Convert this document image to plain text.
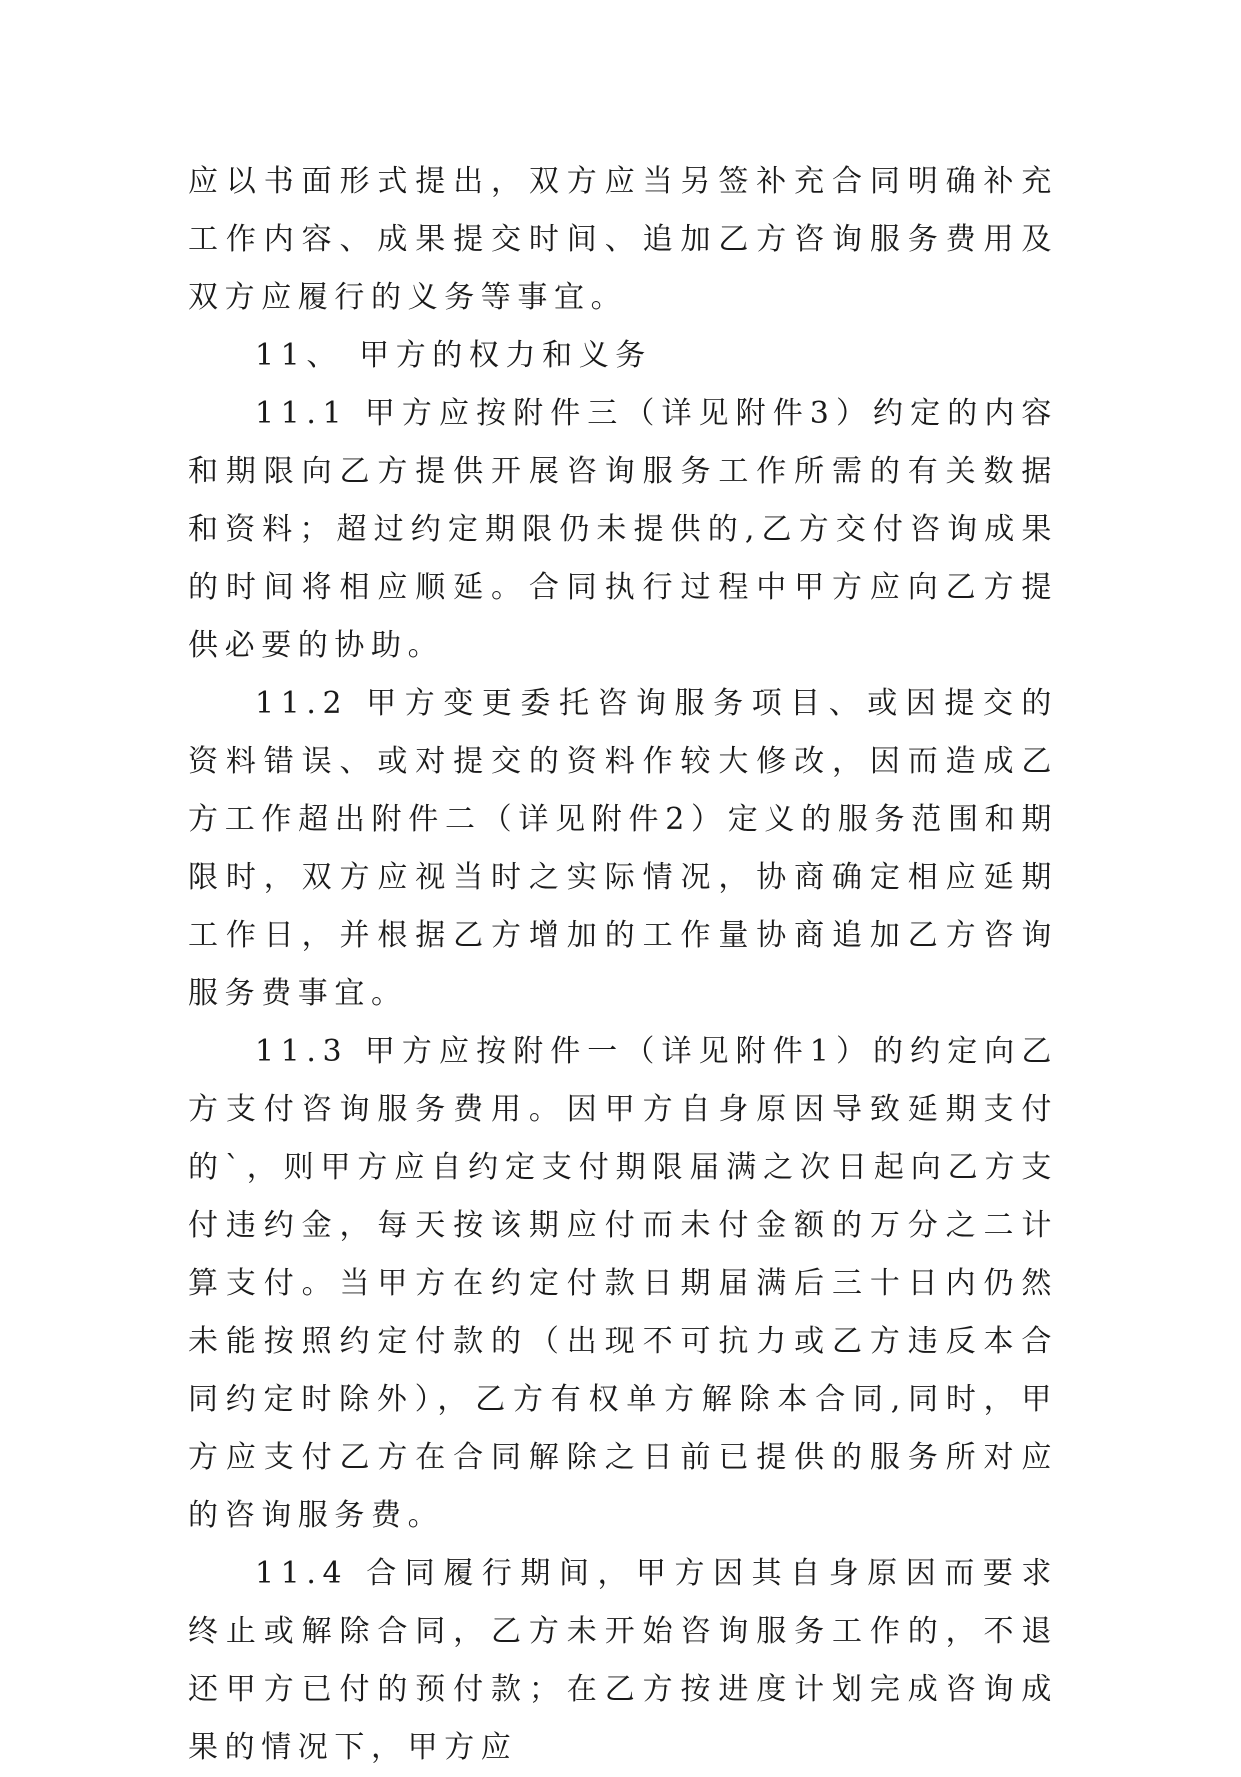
应以书面形式提出，双方应当另签补充合同明确补充工作内容、成果提交时间、追加乙方咨询服务费用及双方应履行的义务等事宜。

11、 甲方的权力和义务

11.1 甲方应按附件三（详见附件3）约定的内容和期限向乙方提供开展咨询服务工作所需的有关数据和资料；超过约定期限仍未提供的,乙方交付咨询成果的时间将相应顺延。合同执行过程中甲方应向乙方提供必要的协助。

11.2 甲方变更委托咨询服务项目、或因提交的资料错误、或对提交的资料作较大修改，因而造成乙方工作超出附件二（详见附件2）定义的服务范围和期限时，双方应视当时之实际情况，协商确定相应延期工作日，并根据乙方增加的工作量协商追加乙方咨询服务费事宜。

11.3 甲方应按附件一（详见附件1）的约定向乙方支付咨询服务费用。因甲方自身原因导致延期支付的`，则甲方应自约定支付期限届满之次日起向乙方支付违约金，每天按该期应付而未付金额的万分之二计算支付。当甲方在约定付款日期届满后三十日内仍然未能按照约定付款的（出现不可抗力或乙方违反本合同约定时除外），乙方有权单方解除本合同,同时，甲方应支付乙方在合同解除之日前已提供的服务所对应的咨询服务费。

11.4 合同履行期间，甲方因其自身原因而要求终止或解除合同，乙方未开始咨询服务工作的，不退还甲方已付的预付款；在乙方按进度计划完成咨询成果的情况下，甲方应
